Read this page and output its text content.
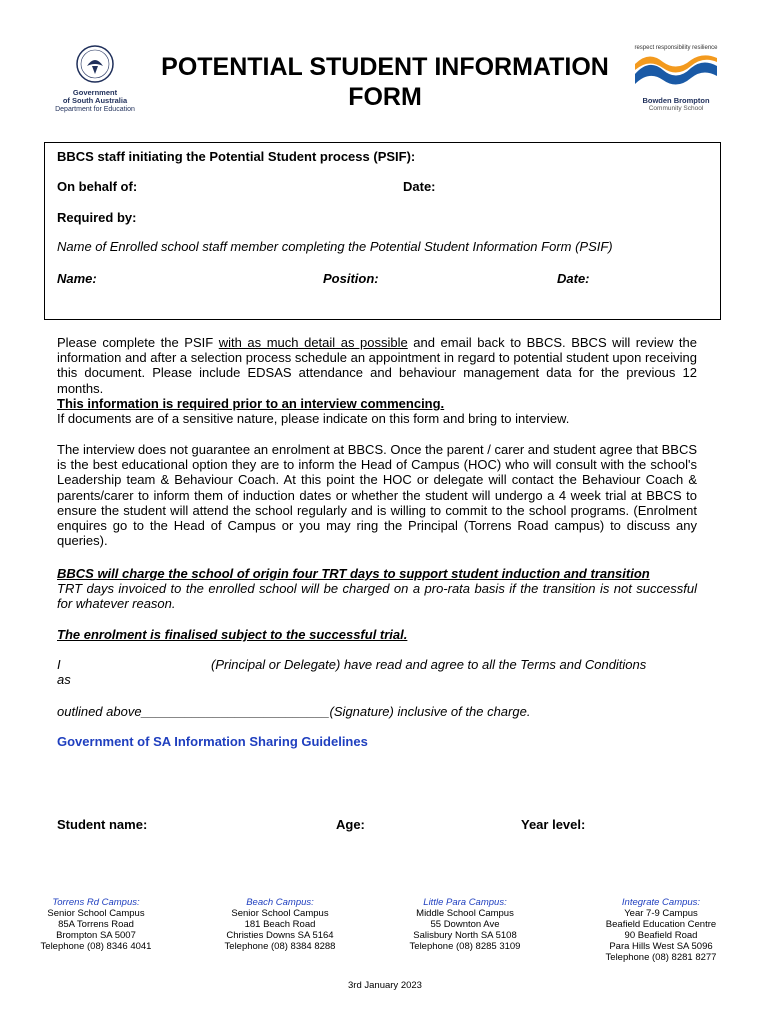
Government
of South Australia
Department for Education
POTENTIAL STUDENT INFORMATION
FORM
respect responsibility resilience
Bowden Brompton
Community School
BBCS staff initiating the Potential Student process (PSIF):
On behalf of:	Date:
Required by:
Name of Enrolled school staff member completing the Potential Student Information Form (PSIF)
Name:	Position:	Date:
Please complete the PSIF with as much detail as possible and email back to BBCS. BBCS will review the information and after a selection process schedule an appointment in regard to potential student upon receiving this document. Please include EDSAS attendance and behaviour management data for the previous 12 months.
This information is required prior to an interview commencing.
If documents are of a sensitive nature, please indicate on this form and bring to interview.
The interview does not guarantee an enrolment at BBCS. Once the parent / carer and student agree that BBCS is the best educational option they are to inform the Head of Campus (HOC) who will consult with the school's Leadership team & Behaviour Coach. At this point the HOC or delegate will contact the Behaviour Coach & parents/carer to inform them of induction dates or whether the student will undergo a 4 week trial at BBCS to ensure the student will attend the school regularly and is willing to commit to the school programs. (Enrolment enquires go to the Head of Campus or you may ring the Principal (Torrens Road campus) to discuss any queries).
BBCS will charge the school of origin four TRT days to support student induction and transition
TRT days invoiced to the enrolled school will be charged on a pro-rata basis if the transition is not successful for whatever reason.
The enrolment is finalised subject to the successful trial.
I	(Principal or Delegate) have read and agree to all the Terms and Conditions

as
outlined above__________________________(Signature) inclusive of the charge.
Government of SA Information Sharing Guidelines
Student name:	Age:	Year level:
Torrens Rd Campus:
Senior School Campus
85A Torrens Road
Brompton SA 5007
Telephone (08) 8346 4041
Beach Campus:
Senior School Campus
181 Beach Road
Christies Downs SA 5164
Telephone (08) 8384 8288
Little Para Campus:
Middle School Campus
55 Downton Ave
Salisbury North SA 5108
Telephone (08) 8285 3109
Integrate Campus:
Year 7-9 Campus
Beafield Education Centre
90 Beafield Road
Para Hills West SA 5096
Telephone (08) 8281 8277
3rd January 2023
